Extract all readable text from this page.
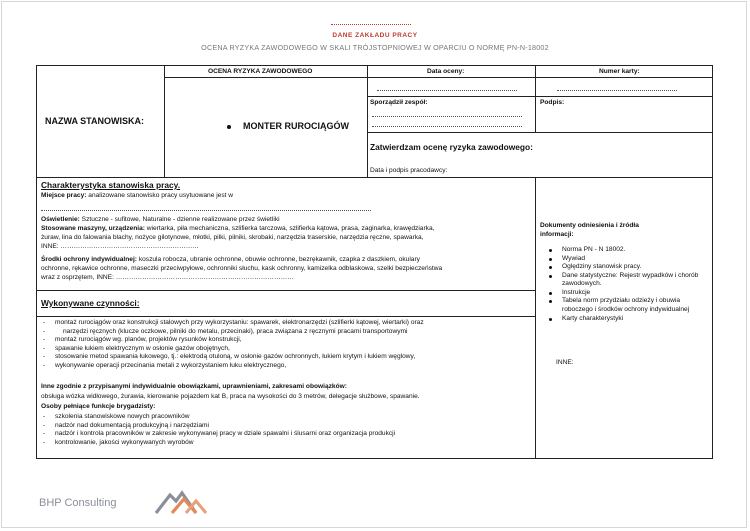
DANE ZAKŁADU PRACY
OCENA RYZYKA ZAWODOWEGO W SKALI TRÓJSTOPNIOWEJ W OPARCIU O NORMĘ PN-N-18002
OCENA RYZYKA ZAWODOWEGO	Data oceny:	Numer karty:
NAZWA STANOWISKA:	MONTER RUROCIĄGÓW
Sporządził zespół:	Podpis:
Zatwierdzam ocenę ryzyka zawodowego:
Data i podpis pracodawcy:
Charakterystyka stanowiska pracy.
Miejsce pracy: analizowane stanowisko pracy usytuowane jest w
Oświetlenie: Sztuczne - sufitowe, Naturalne - dzienne realizowane przez świetliki
Stosowane maszyny, urządzenia: wiertarka, piła mechaniczna, szlifierka tarczowa, szlifierka kątowa, prasa, zaginarka, krawędziarka,
żuraw, lina do falowania blachy, nożyce gilotynowe, młotki, pilki, pilniki, skrobaki, narzędzia traserskie, narzędzia ręczne, spawarka,
INNE: ………………………………………………………
Środki ochrony indywidualnej: koszula robocza, ubranie ochronne, obuwie ochronne, bezrękawnik, czapka z daszkiem, okulary
ochronne, rękawice ochronne, maseczki przeciwpyłowe, ochronniki słuchu, kask ochronny, kamizelka odblaskowa, szelki bezpieczeństwa
wraz z osprzętem, INNE: ………………………………………………………………………
Wykonywane czynności:
- montaż rurociągów oraz konstrukcji stalowych przy wykorzystaniu: spawarek, elektronarzędzi (szlifierki kątowej, wiertarki) oraz
- narzędzi ręcznych (klucze oczkowe, pilniki do metalu, przecinaki), praca związana z ręcznymi pracami transportowymi
- montaż rurociągów wg. planów, projektów rysunków konstrukcji,
- spawanie łukiem elektrycznym w osłonie gazów obojętnych,
- stosowanie metod spawania łukowego, tj.: elektrodą otuloną, w osłonie gazów ochronnych, łukiem krytym i łukiem węglowy,
- wykonywanie operacji przecinania metali z wykorzystaniem łuku elektrycznego,
Inne zgodnie z przypisanymi indywidualnie obowiązkami, uprawnieniami, zakresami obowiązków:
obsługa wózka widłowego, żurawia, kierowanie pojazdem kat B, praca na wysokości do 3 metrów, delegacje służbowe, spawanie.
Osoby pełniące funkcje brygadzisty:
- szkolenia stanowiskowe nowych pracowników
- nadzór nad dokumentacją produkcyjną i narzędziami
- nadzór i kontrola pracowników w zakresie wykonywanej pracy w dziale spawalni i ślusarni oraz organizacja produkcji
- kontrolowanie, jakości wykonywanych wyrobów
Dokumenty odniesienia i źródła
informacji:
Norma PN - N 18002.
Wywiad
Oględziny stanowisk pracy.
Dane statystyczne: Rejestr wypadków i chorób zawodowych.
Instrukcje
Tabela norm przydziału odzieży i obuwia roboczego i środków ochrony indywidualnej
Karty charakterystyki
INNE:
BHP Consulting
